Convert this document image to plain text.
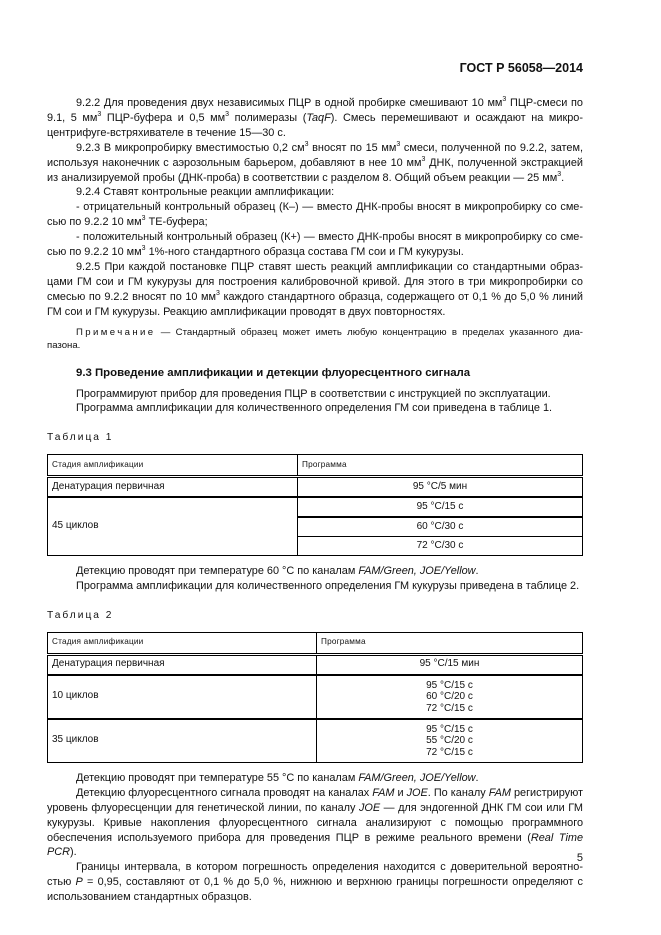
ГОСТ Р 56058—2014

9.2.2 Для проведения двух независимых ПЦР в одной пробирке смешивают 10 $мм^3$ ПЦР-смеси по 9.1, 5 $мм^3$ ПЦР-буфера и 0,5 $мм^3$ полимеразы (TaqF). Смесь перемешивают и осаждают на микроцентрифуге-встряхивателе в течение 15—30 с.

9.2.3 В микропробирку вместимостью 0,2 $см^3$ вносят по 15 $мм^3$ смеси, полученной по 9.2.2, затем, используя наконечник с аэрозольным барьером, добавляют в нее 10 $мм^3$ ДНК, полученной экстракцией из анализируемой пробы (ДНК-проба) в соответствии с разделом 8. Общий объем реакции — 25 $мм^3$.

9.2.4 Ставят контрольные реакции амплификации:

- отрицательный контрольный образец (К–) — вместо ДНК-пробы вносят в микропробирку со смесью по 9.2.2 10 $мм^3$ ТЕ-буфера;

- положительный контрольный образец (К+) — вместо ДНК-пробы вносят в микропробирку со смесью по 9.2.2 10 $мм^3$ 1%-ного стандартного образца состава ГМ сои и ГМ кукурузы.

9.2.5 При каждой постановке ПЦР ставят шесть реакций амплификации со стандартными образцами ГМ сои и ГМ кукурузы для построения калибровочной кривой. Для этого в три микропробирки со смесью по 9.2.2 вносят по 10 $мм^3$ каждого стандартного образца, содержащего от 0,1 % до 5,0 % линий ГМ сои и ГМ кукурузы. Реакцию амплификации проводят в двух повторностях.

Примечание — Стандартный образец может иметь любую концентрацию в пределах указанного диапазона.

9.3 Проведение амплификации и детекции флуоресцентного сигнала

Программируют прибор для проведения ПЦР в соответствии с инструкцией по эксплуатации.

Программа амплификации для количественного определения ГМ сои приведена в таблице 1.

Таблица 1
Стадия амплификации	Программа
Денатурация первичная	95 °С/5 мин
45 циклов	95 °С/15 с
	60 °С/30 с
	72 °С/30 с

Детекцию проводят при температуре 60 °С по каналам FAM/Green, JOE/Yellow.

Программа амплификации для количественного определения ГМ кукурузы приведена в таблице 2.

Таблица 2
Стадия амплификации	Программа
Денатурация первичная	95 °С/15 мин
10 циклов	95 °С/15 с
60 °С/20 с
72 °С/15 с

35 циклов	95 °С/15 с
55 °С/20 с
72 °С/15 с

Детекцию проводят при температуре 55 °С по каналам FAM/Green, JOE/Yellow.

Детекцию флуоресцентного сигнала проводят на каналах FAM и JOE. По каналу FAM регистрируют уровень флуоресценции для генетической линии, по каналу JOE — для эндогенной ДНК ГМ сои или ГМ кукурузы. Кривые накопления флуоресцентного сигнала анализируют с помощью программного обеспечения используемого прибора для проведения ПЦР в режиме реального времени (Real Time PCR).

Границы интервала, в котором погрешность определения находится с доверительной вероятностью P = 0,95, составляют от 0,1 % до 5,0 %, нижнюю и верхнюю границы погрешности определяют с использованием стандартных образцов.

5
